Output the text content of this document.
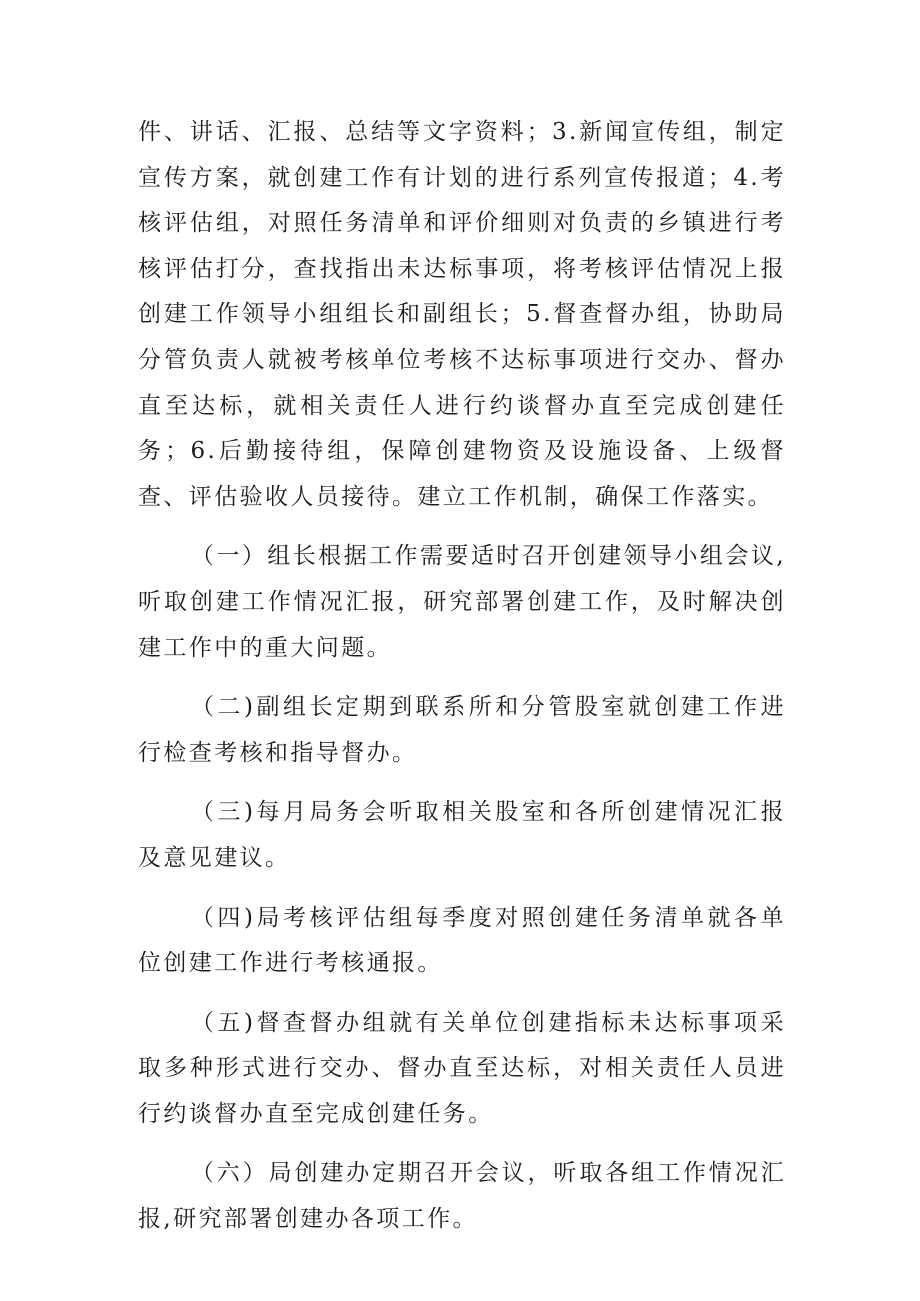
件、讲话、汇报、总结等文字资料；3.新闻宣传组，制定宣传方案，就创建工作有计划的进行系列宣传报道；4.考核评估组，对照任务清单和评价细则对负责的乡镇进行考核评估打分，查找指出未达标事项，将考核评估情况上报创建工作领导小组组长和副组长；5.督查督办组，协助局分管负责人就被考核单位考核不达标事项进行交办、督办直至达标，就相关责任人进行约谈督办直至完成创建任务；6.后勤接待组，保障创建物资及设施设备、上级督查、评估验收人员接待。建立工作机制，确保工作落实。

（一）组长根据工作需要适时召开创建领导小组会议,听取创建工作情况汇报，研究部署创建工作，及时解决创建工作中的重大问题。

（二)副组长定期到联系所和分管股室就创建工作进行检查考核和指导督办。

（三)每月局务会听取相关股室和各所创建情况汇报及意见建议。

（四)局考核评估组每季度对照创建任务清单就各单位创建工作进行考核通报。

（五)督查督办组就有关单位创建指标未达标事项采取多种形式进行交办、督办直至达标，对相关责任人员进行约谈督办直至完成创建任务。

（六）局创建办定期召开会议，听取各组工作情况汇报,研究部署创建办各项工作。
